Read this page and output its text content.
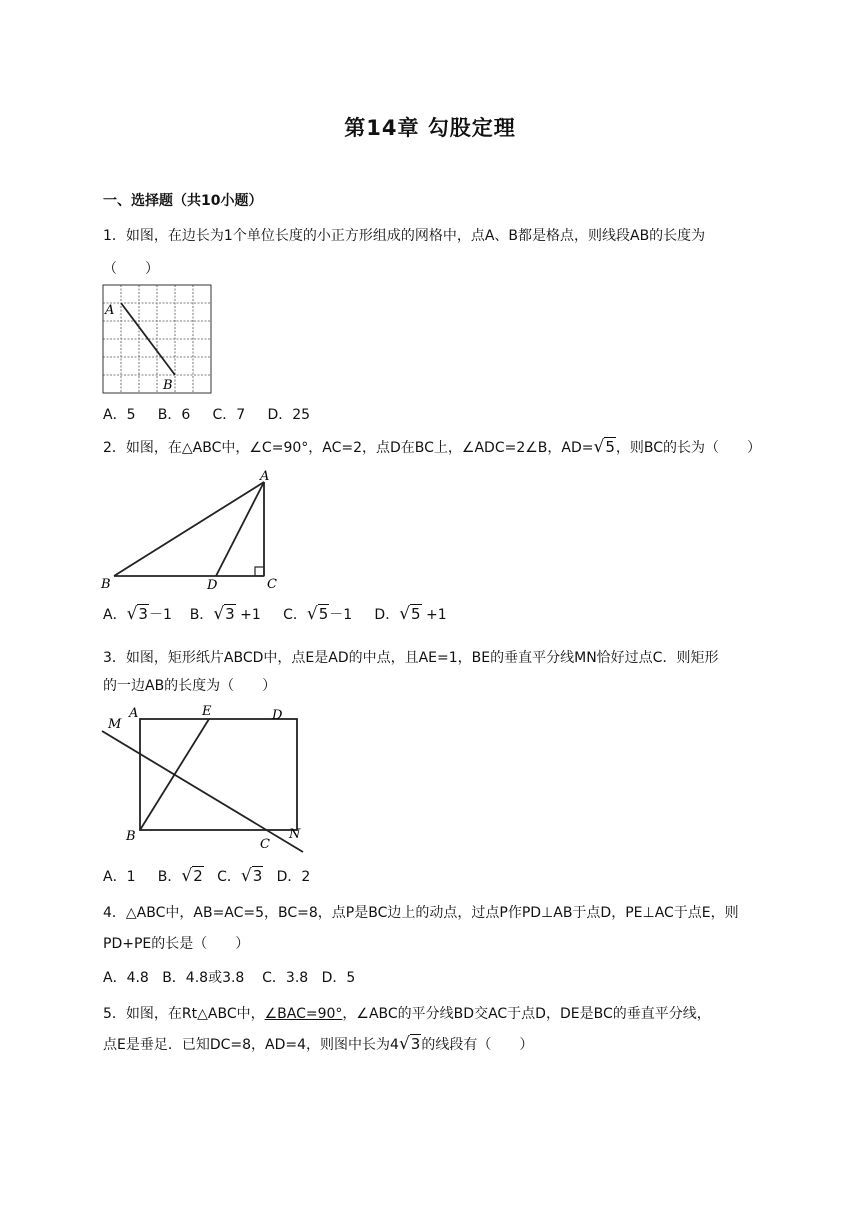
第14章 勾股定理
一、选择题（共10小题）
1．如图，在边长为1个单位长度的小正方形组成的网格中，点A、B都是格点，则线段AB的长度为
（　　）
A
B
A．5 B．6 C．7 D．25
2．如图，在△ABC中，∠C=90°，AC=2，点D在BC上，∠ADC=2∠B，AD=√5，则BC的长为（　　）
A
B	D	C
A．√3－1 B．√3 +1 C．√5－1 D．√5 +1
3．如图，矩形纸片ABCD中，点E是AD的中点，且AE=1，BE的垂直平分线MN恰好过点C．则矩形
的一边AB的长度为（　　）
M
A	E	D
B
C
N
A．1 B．√2 C．√3 D．2
4．△ABC中，AB=AC=5，BC=8，点P是BC边上的动点，过点P作PD⊥AB于点D，PE⊥AC于点E，则
PD+PE的长是（　　）
A．4.8 B．4.8或3.8 C．3.8 D．5
5．如图，在Rt△ABC中，∠BAC=90°，∠ABC的平分线BD交AC于点D，DE是BC的垂直平分线，
点E是垂足．已知DC=8，AD=4，则图中长为4√3的线段有（　　）
